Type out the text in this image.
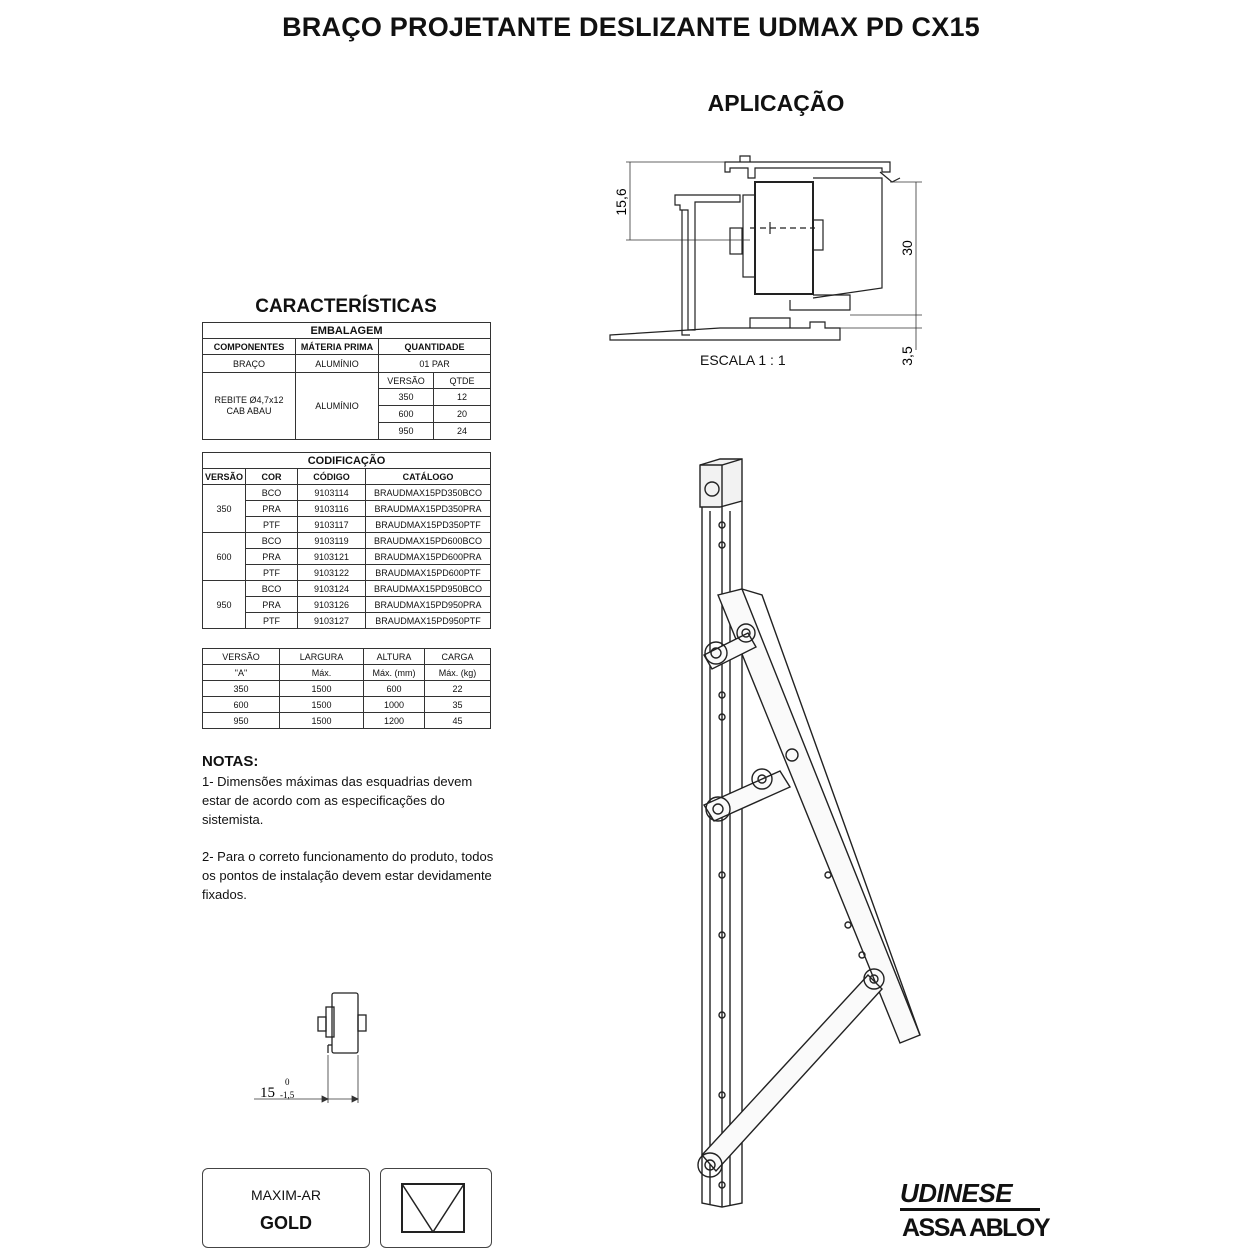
BRAÇO PROJETANTE DESLIZANTE UDMAX PD CX15
APLICAÇÃO
15,6
30
3,5
ESCALA 1 : 1
CARACTERÍSTICAS
EMBALAGEM			
COMPONENTES	MÁTERIA PRIMA	QUANTIDADE	
BRAÇO	ALUMÍNIO	01 PAR	
REBITE Ø4,7x12 CAB ABAU	ALUMÍNIO	VERSÃO	QTDE
		350	12
		600	20
		950	24
CODIFICAÇÃO			
VERSÃO	COR	CÓDIGO	CATÁLOGO
350	BCO	9103114	BRAUDMAX15PD350BCO
	PRA	9103116	BRAUDMAX15PD350PRA
	PTF	9103117	BRAUDMAX15PD350PTF
600	BCO	9103119	BRAUDMAX15PD600BCO
	PRA	9103121	BRAUDMAX15PD600PRA
	PTF	9103122	BRAUDMAX15PD600PTF
950	BCO	9103124	BRAUDMAX15PD950BCO
	PRA	9103126	BRAUDMAX15PD950PRA
	PTF	9103127	BRAUDMAX15PD950PTF
VERSÃO	LARGURA	ALTURA	CARGA
"A"	Máx.	Máx. (mm)	Máx. (kg)
350	1500	600	22
600	1500	1000	35
950	1500	1200	45
NOTAS:

1- Dimensões máximas das esquadrias devem estar de acordo com as especificações do sistemista.

2- Para o correto funcionamento do produto, todos os pontos de instalação devem estar devidamente fixados.

15
0
-1,5
MAXIM-AR
GOLD
UDINESE
ASSA ABLOY
